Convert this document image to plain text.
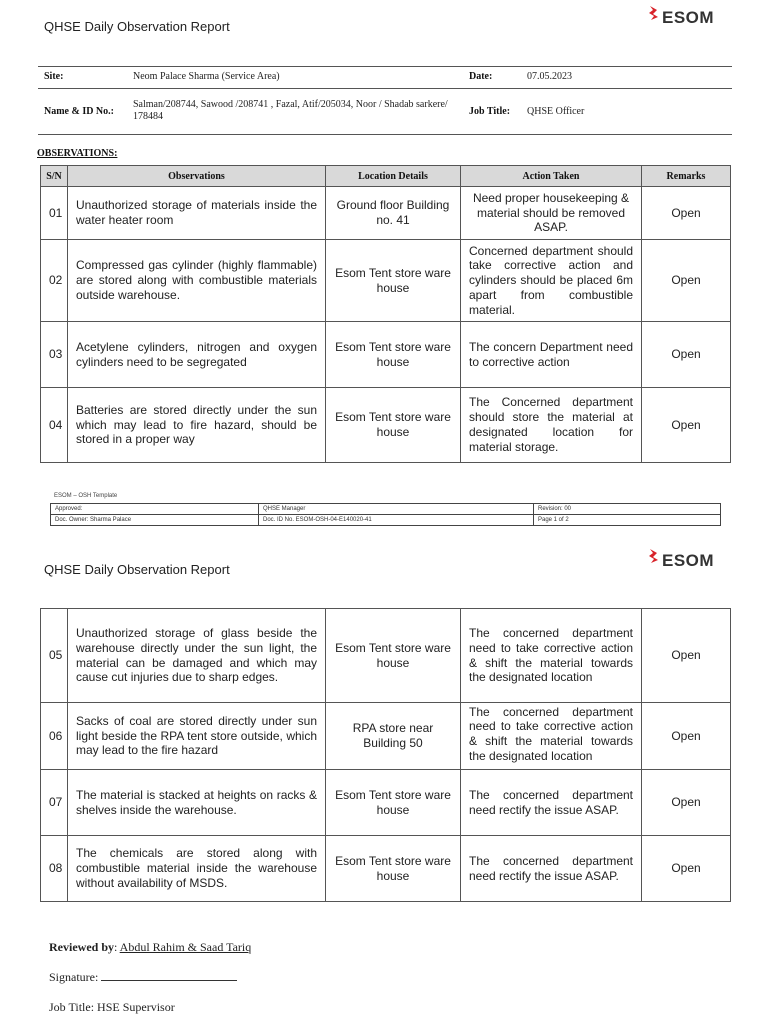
QHSE Daily Observation Report	ESOM
Site:	Neom Palace Sharma (Service Area)	Date:	07.05.2023
Name & ID No.:
Salman/208744, Sawood /208741 , Fazal, Atif/205034, Noor / Shadab sarkere/ 178484	Job Title: QHSE Officer
OBSERVATIONS:
S/N	Observations	Location Details	Action Taken	Remarks
01	Unauthorized storage of materials inside the water heater room	Ground floor Building no. 41	Need proper housekeeping & material should be removed ASAP.	Open
02	Compressed gas cylinder (highly flammable) are stored along with combustible materials outside warehouse.	Esom Tent store ware house	Concerned department should take corrective action and cylinders should be placed 6m apart from combustible material.	Open
03	Acetylene cylinders, nitrogen and oxygen cylinders need to be segregated	Esom Tent store ware house	The concern Department need to corrective action	Open
04	Batteries are stored directly under the sun which may lead to fire hazard, should be stored in a proper way	Esom Tent store ware house	The Concerned department should store the material at designated location for material storage.	Open
ESOM – OSH Template
Approved:	QHSE Manager	Revision: 00
Doc. Owner: Sharma Palace	Doc. ID No. ESOM-OSH-04-E140020-41	Page 1 of 2
QHSE Daily Observation Report	ESOM
05	Unauthorized storage of glass beside the warehouse directly under the sun light, the material can be damaged and which may cause cut injuries due to sharp edges.	Esom Tent store ware house	The concerned department need to take corrective action & shift the material towards the designated location	Open
06	Sacks of coal are stored directly under sun light beside the RPA tent store outside, which may lead to the fire hazard	RPA store near Building 50	The concerned department need to take corrective action & shift the material towards the designated location	Open
07	The material is stacked at heights on racks & shelves inside the warehouse.	Esom Tent store ware house	The concerned department need rectify the issue ASAP.	Open
08	The chemicals are stored along with combustible material inside the warehouse without availability of MSDS.	Esom Tent store ware house	The concerned department need rectify the issue ASAP.	Open
Reviewed by: Abdul Rahim & Saad Tariq
Signature:
Job Title: HSE Supervisor
